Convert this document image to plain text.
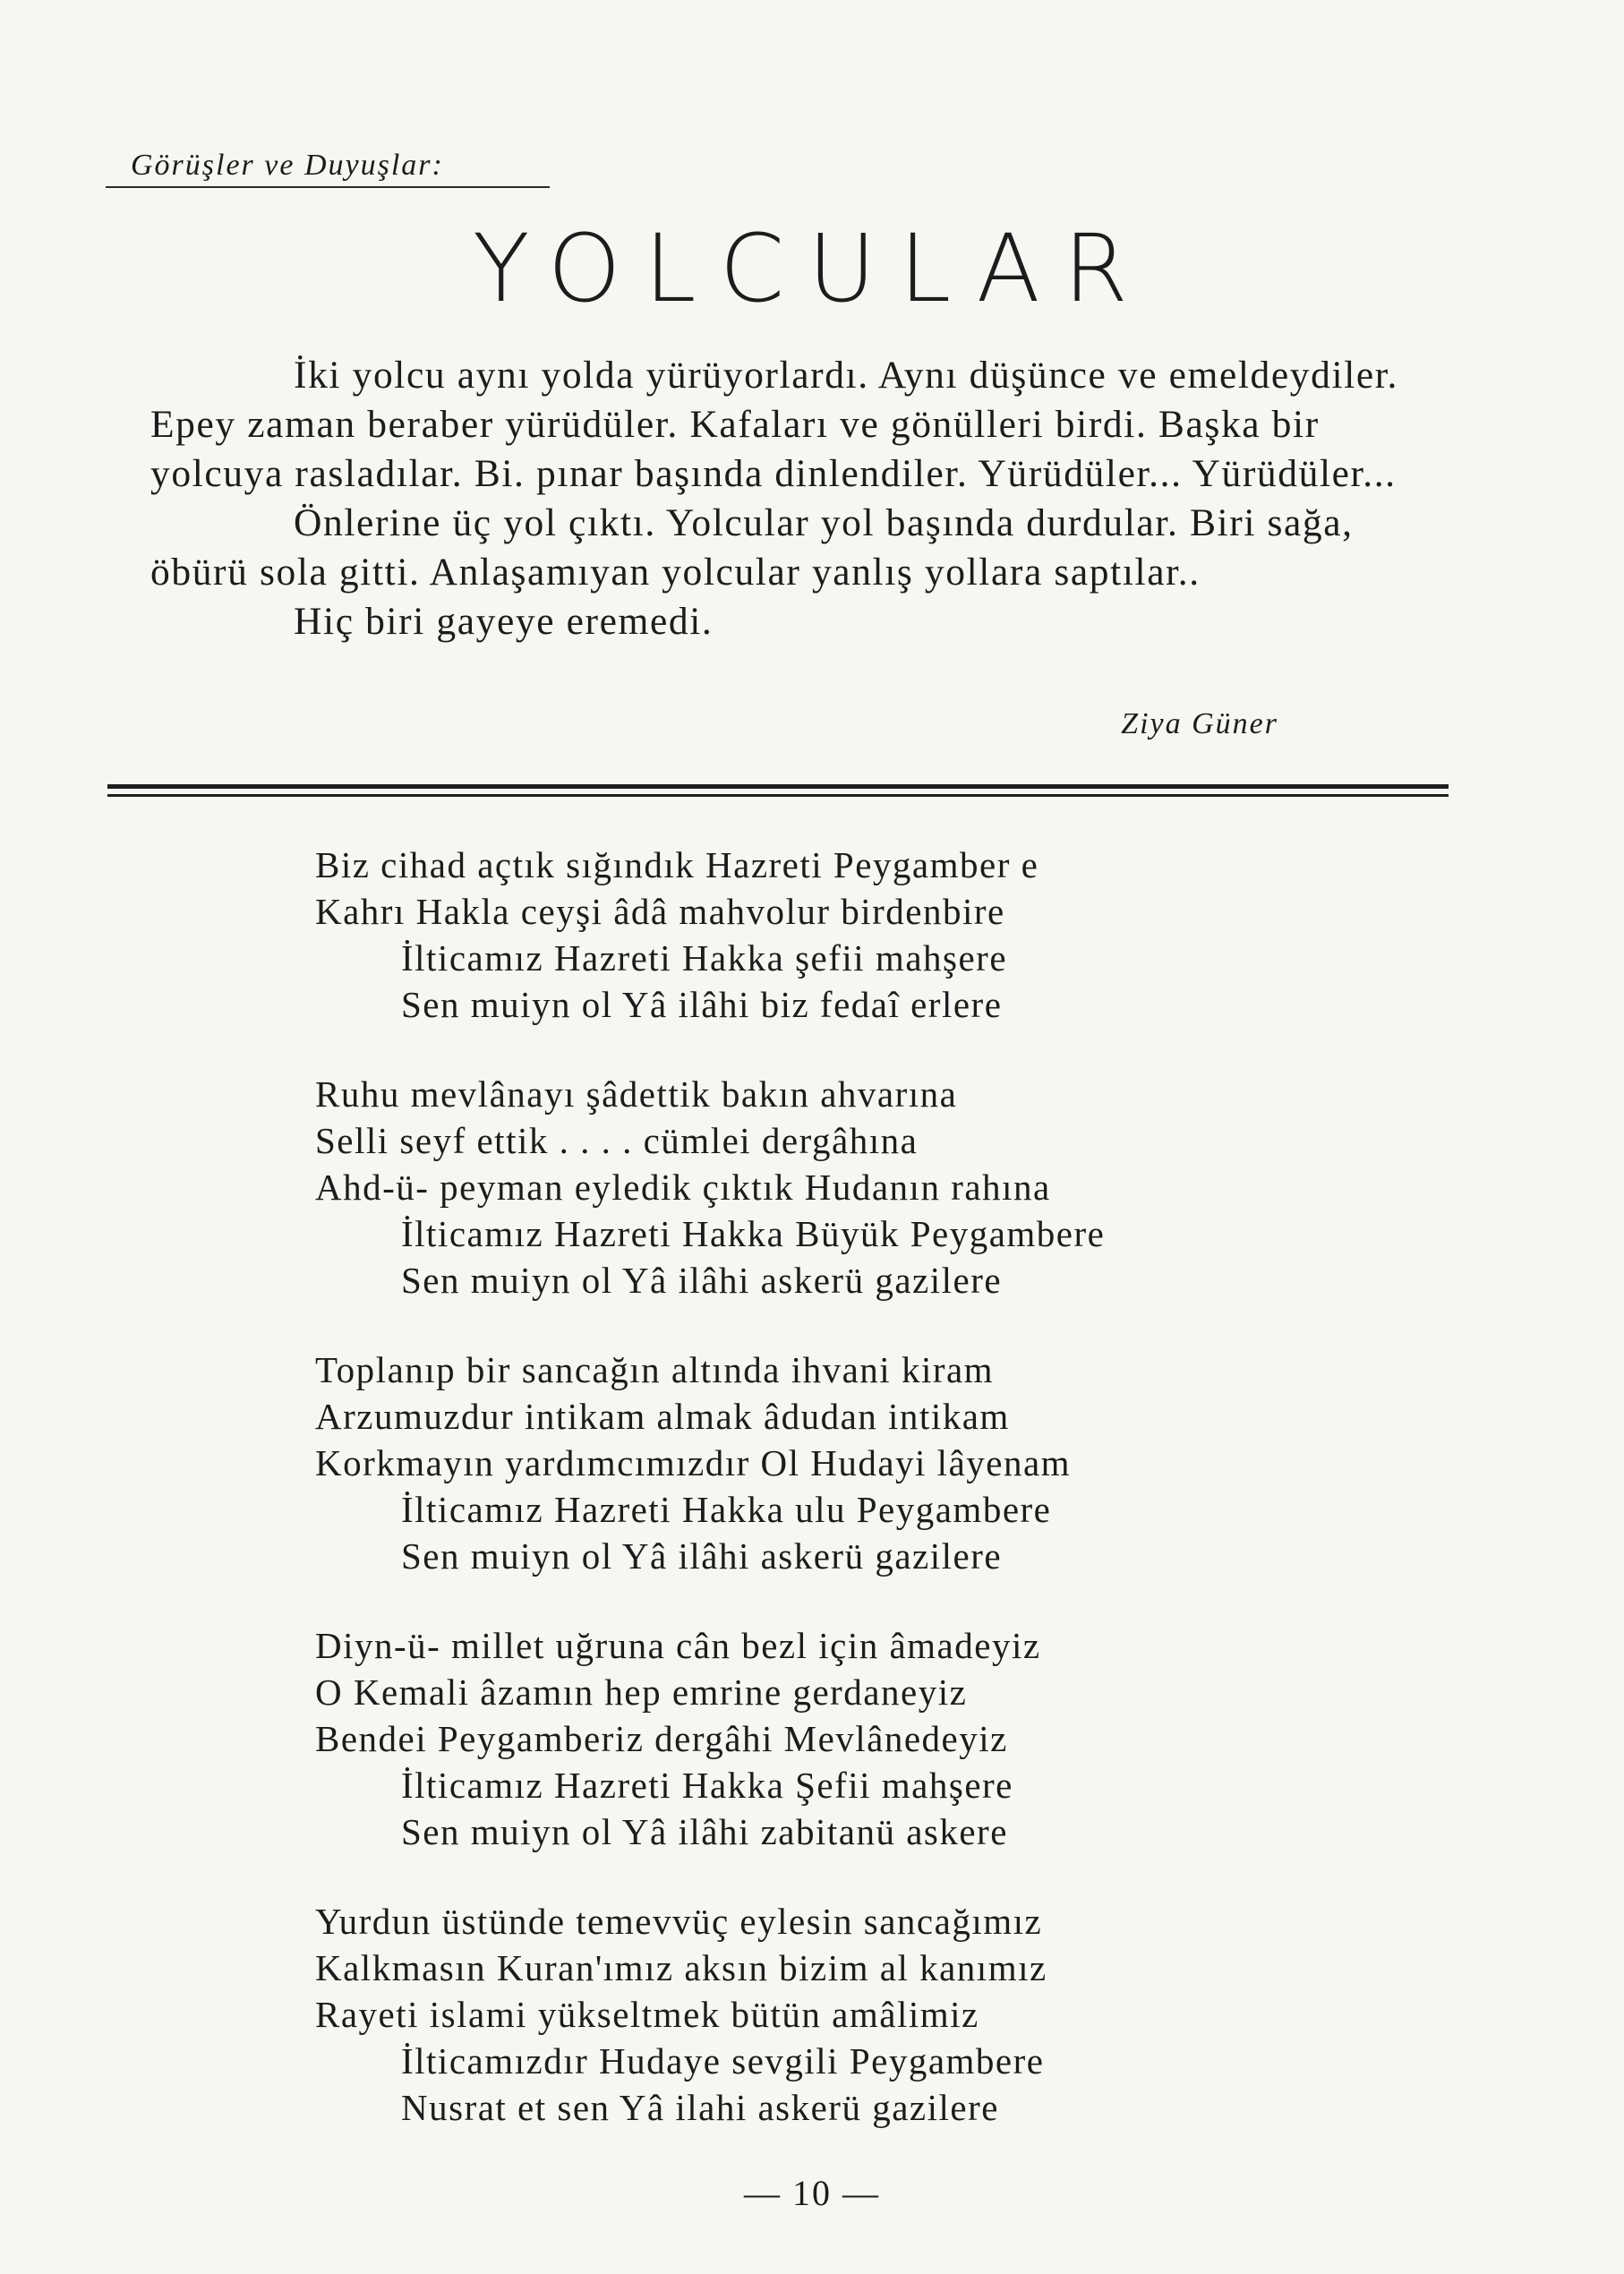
Görüşler ve Duyuşlar:
YOLCULAR

İki yolcu aynı yolda yürüyorlardı. Aynı düşünce ve emeldeydiler. Epey zaman beraber yürüdüler. Kafaları ve gönülleri birdi. Başka bir yolcuya rasladılar. Bi. pınar başında dinlendiler. Yürüdüler... Yürüdüler...

Önlerine üç yol çıktı. Yolcular yol başında durdular. Biri sağa, öbürü sola gitti. Anlaşamıyan yolcular yanlış yollara saptılar..

Hiç biri gayeye eremedi.

Ziya Güner
Biz cihad açtık sığındık Hazreti Peygamber e
Kahrı Hakla ceyşi âdâ mahvolur birdenbire
İlticamız Hazreti Hakka şefii mahşere
Sen muiyn ol Yâ ilâhi biz fedaî erlere
Ruhu mevlânayı şâdettik bakın ahvarına
Selli seyf ettik . . . . cümlei dergâhına
Ahd-ü- peyman eyledik çıktık Hudanın rahına
İlticamız Hazreti Hakka Büyük Peygambere
Sen muiyn ol Yâ ilâhi askerü gazilere
Toplanıp bir sancağın altında ihvani kiram
Arzumuzdur intikam almak âdudan intikam
Korkmayın yardımcımızdır Ol Hudayi lâyenam
İlticamız Hazreti Hakka ulu Peygambere
Sen muiyn ol Yâ ilâhi askerü gazilere
Diyn-ü- millet uğruna cân bezl için âmadeyiz
O Kemali âzamın hep emrine gerdaneyiz
Bendei Peygamberiz dergâhi Mevlânedeyiz
İlticamız Hazreti Hakka Şefii mahşere
Sen muiyn ol Yâ ilâhi zabitanü askere
Yurdun üstünde temevvüç eylesin sancağımız
Kalkmasın Kuran'ımız aksın bizim al kanımız
Rayeti islami yükseltmek bütün amâlimiz
İlticamızdır Hudaye sevgili Peygambere
Nusrat et sen Yâ ilahi askerü gazilere
— 10 —
